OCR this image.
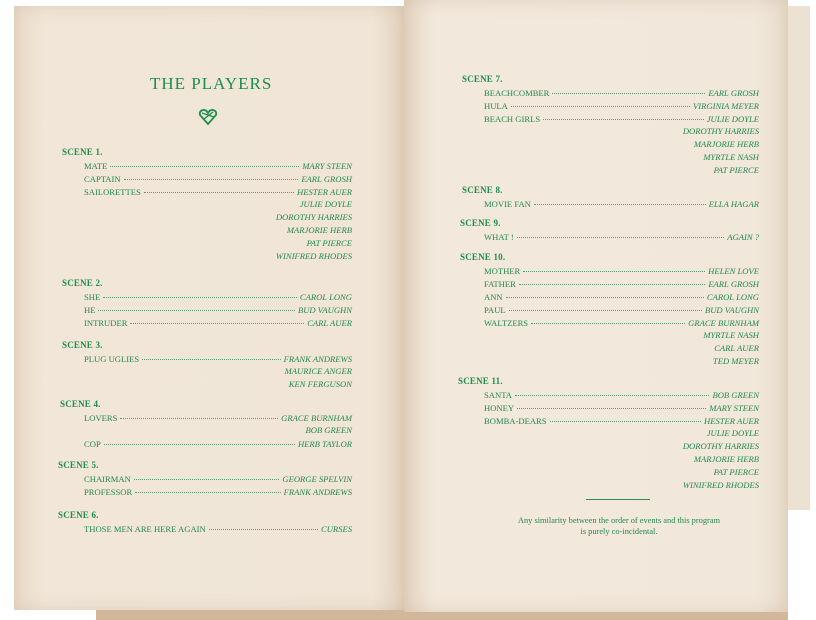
THE PLAYERS
SCENE 1.
MATE	MARY STEEN
CAPTAIN	EARL GROSH
SAILORETTES	HESTER AUER
JULIE DOYLE
DOROTHY HARRIES
MARJORIE HERB
PAT PIERCE
WINIFRED RHODES
SCENE 2.
SHE	CAROL LONG
HE	BUD VAUGHN
INTRUDER	CARL AUER
SCENE 3.
PLUG UGLIES	FRANK ANDREWS
MAURICE ANGER
KEN FERGUSON
SCENE 4.
LOVERS	GRACE BURNHAM
BOB GREEN
COP	HERB TAYLOR
SCENE 5.
CHAIRMAN	GEORGE SPELVIN
PROFESSOR	FRANK ANDREWS
SCENE 6.
THOSE MEN ARE HERE AGAIN	CURSES
SCENE 7.
BEACHCOMBER	EARL GROSH
HULA	VIRGINIA MEYER
BEACH GIRLS	JULIE DOYLE
DOROTHY HARRIES
MARJORIE HERB
MYRTLE NASH
PAT PIERCE
SCENE 8.
MOVIE FAN	ELLA HAGAR
SCENE 9.
WHAT !	AGAIN ?
SCENE 10.
MOTHER	HELEN LOVE
FATHER	EARL GROSH
ANN	CAROL LONG
PAUL	BUD VAUGHN
WALTZERS	GRACE BURNHAM
MYRTLE NASH
CARL AUER
TED MEYER
SCENE 11.
SANTA	BOB GREEN
HONEY	MARY STEEN
BOMBA-DEARS	HESTER AUER
JULIE DOYLE
DOROTHY HARRIES
MARJORIE HERB
PAT PIERCE
WINIFRED RHODES
Any similarity between the order of events and this program
is purely co-incidental.
